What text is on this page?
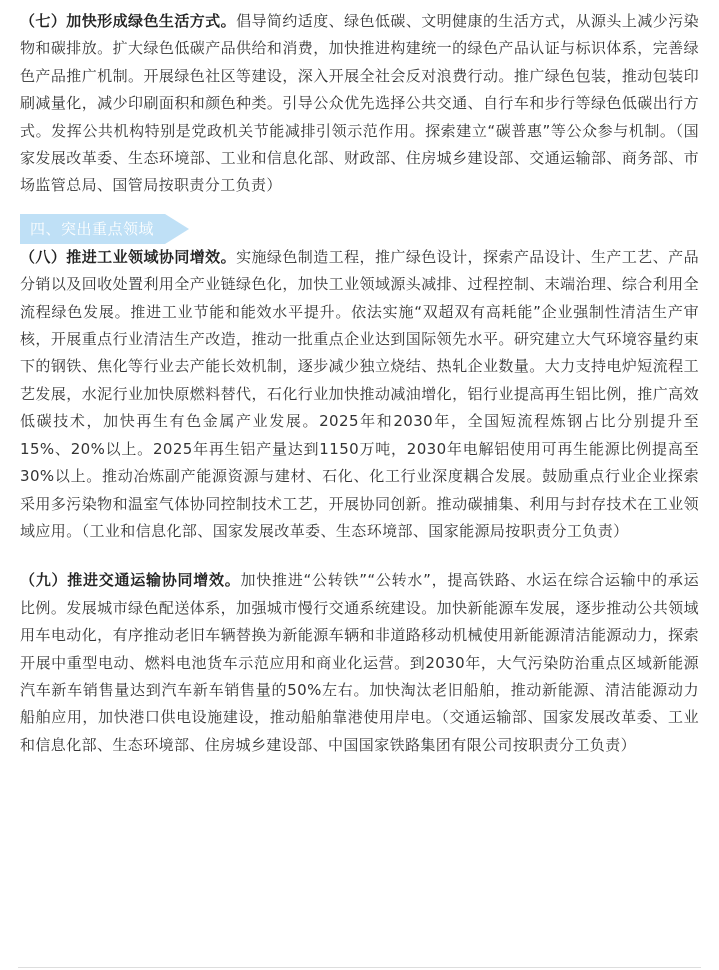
（七）加快形成绿色生活方式。倡导简约适度、绿色低碳、文明健康的生活方式，从源头上减少污染物和碳排放。扩大绿色低碳产品供给和消费，加快推进构建统一的绿色产品认证与标识体系，完善绿色产品推广机制。开展绿色社区等建设，深入开展全社会反对浪费行动。推广绿色包装，推动包装印刷减量化，减少印刷面积和颜色种类。引导公众优先选择公共交通、自行车和步行等绿色低碳出行方式。发挥公共机构特别是党政机关节能减排引领示范作用。探索建立“碳普惠”等公众参与机制。（国家发展改革委、生态环境部、工业和信息化部、财政部、住房城乡建设部、交通运输部、商务部、市场监管总局、国管局按职责分工负责）

四、突出重点领域

（八）推进工业领域协同增效。实施绿色制造工程，推广绿色设计，探索产品设计、生产工艺、产品分销以及回收处置利用全产业链绿色化，加快工业领域源头减排、过程控制、末端治理、综合利用全流程绿色发展。推进工业节能和能效水平提升。依法实施“双超双有高耗能”企业强制性清洁生产审核，开展重点行业清洁生产改造，推动一批重点企业达到国际领先水平。研究建立大气环境容量约束下的钢铁、焦化等行业去产能长效机制，逐步减少独立烧结、热轧企业数量。大力支持电炉短流程工艺发展，水泥行业加快原燃料替代，石化行业加快推动减油增化，铝行业提高再生铝比例，推广高效低碳技术，加快再生有色金属产业发展。2025年和2030年，全国短流程炼钢占比分别提升至15%、20%以上。2025年再生铝产量达到1150万吨，2030年电解铝使用可再生能源比例提高至30%以上。推动冶炼副产能源资源与建材、石化、化工行业深度耦合发展。鼓励重点行业企业探索采用多污染物和温室气体协同控制技术工艺，开展协同创新。推动碳捕集、利用与封存技术在工业领域应用。（工业和信息化部、国家发展改革委、生态环境部、国家能源局按职责分工负责）

（九）推进交通运输协同增效。加快推进“公转铁”“公转水”，提高铁路、水运在综合运输中的承运比例。发展城市绿色配送体系，加强城市慢行交通系统建设。加快新能源车发展，逐步推动公共领域用车电动化，有序推动老旧车辆替换为新能源车辆和非道路移动机械使用新能源清洁能源动力，探索开展中重型电动、燃料电池货车示范应用和商业化运营。到2030年，大气污染防治重点区域新能源汽车新车销售量达到汽车新车销售量的50%左右。加快淘汰老旧船舶，推动新能源、清洁能源动力船舶应用，加快港口供电设施建设，推动船舶靠港使用岸电。（交通运输部、国家发展改革委、工业和信息化部、生态环境部、住房城乡建设部、中国国家铁路集团有限公司按职责分工负责）
